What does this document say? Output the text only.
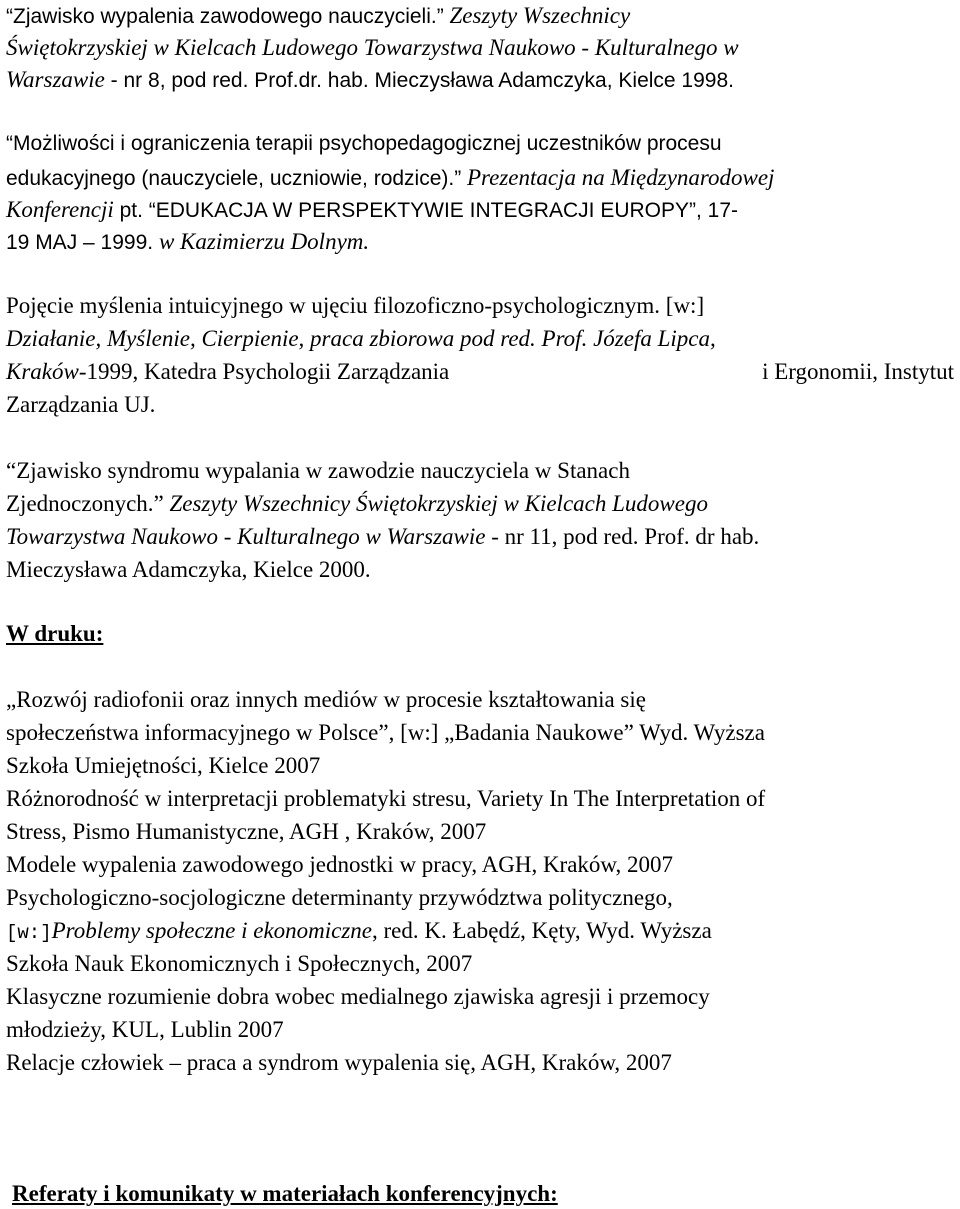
“Zjawisko wypalenia zawodowego nauczycieli.” Zeszyty Wszechnicy
Świętokrzyskiej w Kielcach Ludowego Towarzystwa Naukowo - Kulturalnego w
Warszawie - nr 8, pod red. Prof.dr. hab. Mieczysława Adamczyka, Kielce 1998.
“Możliwości i ograniczenia terapii psychopedagogicznej uczestników procesu
edukacyjnego (nauczyciele, uczniowie, rodzice).” Prezentacja na Międzynarodowej
Konferencji pt. “EDUKACJA W PERSPEKTYWIE INTEGRACJI EUROPY”, 17-
19 MAJ – 1999. w Kazimierzu Dolnym.
Pojęcie myślenia intuicyjnego w ujęciu filozoficzno-psychologicznym. [w:]
Działanie, Myślenie, Cierpienie, praca zbiorowa pod red. Prof. Józefa Lipca,
Kraków-1999, Katedra Psychologii Zarządzania	i Ergonomii, Instytut
Zarządzania UJ.
“Zjawisko syndromu wypalania w zawodzie nauczyciela w Stanach
Zjednoczonych.” Zeszyty Wszechnicy Świętokrzyskiej w Kielcach Ludowego
Towarzystwa Naukowo - Kulturalnego w Warszawie - nr 11, pod red. Prof. dr hab.
Mieczysława Adamczyka, Kielce 2000.
W druku:
„Rozwój radiofonii oraz innych mediów w procesie kształtowania się
społeczeństwa informacyjnego w Polsce”, [w:] „Badania Naukowe” Wyd. Wyższa
Szkoła Umiejętności, Kielce 2007
Różnorodność w interpretacji problematyki stresu, Variety In The Interpretation of
Stress, Pismo Humanistyczne, AGH , Kraków, 2007
Modele wypalenia zawodowego jednostki w pracy, AGH, Kraków, 2007
Psychologiczno-socjologiczne determinanty przywództwa politycznego,
[w:]Problemy społeczne i ekonomiczne, red. K. Łabędź, Kęty, Wyd. Wyższa
Szkoła Nauk Ekonomicznych i Społecznych, 2007
Klasyczne rozumienie dobra wobec medialnego zjawiska agresji i przemocy
młodzieży, KUL, Lublin 2007
Relacje człowiek – praca a syndrom wypalenia się, AGH, Kraków, 2007
Referaty i komunikaty w materiałach konferencyjnych:
